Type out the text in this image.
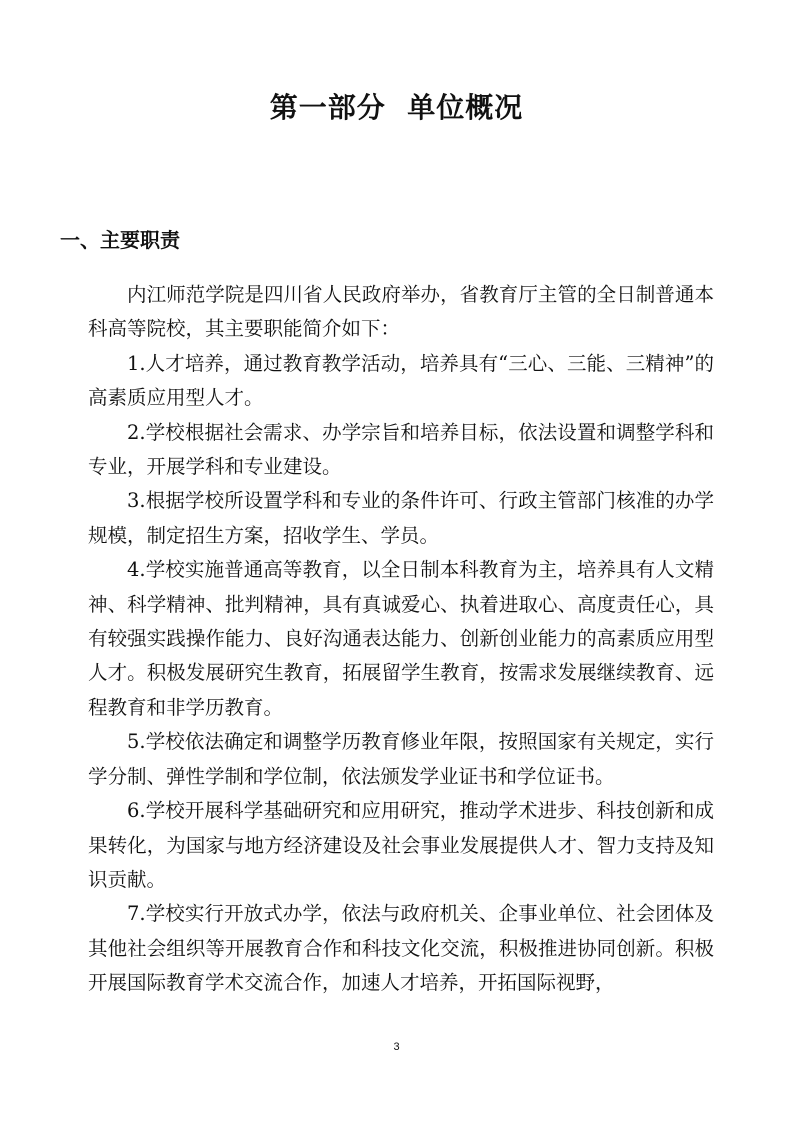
第一部分  单位概况
一、主要职责

内江师范学院是四川省人民政府举办，省教育厅主管的全日制普通本科高等院校，其主要职能简介如下：

1.人才培养，通过教育教学活动，培养具有“三心、三能、三精神”的高素质应用型人才。

2.学校根据社会需求、办学宗旨和培养目标，依法设置和调整学科和专业，开展学科和专业建设。

3.根据学校所设置学科和专业的条件许可、行政主管部门核准的办学规模，制定招生方案，招收学生、学员。

4.学校实施普通高等教育，以全日制本科教育为主，培养具有人文精神、科学精神、批判精神，具有真诚爱心、执着进取心、高度责任心，具有较强实践操作能力、良好沟通表达能力、创新创业能力的高素质应用型人才。积极发展研究生教育，拓展留学生教育，按需求发展继续教育、远程教育和非学历教育。

5.学校依法确定和调整学历教育修业年限，按照国家有关规定，实行学分制、弹性学制和学位制，依法颁发学业证书和学位证书。

6.学校开展科学基础研究和应用研究，推动学术进步、科技创新和成果转化，为国家与地方经济建设及社会事业发展提供人才、智力支持及知识贡献。

7.学校实行开放式办学，依法与政府机关、企事业单位、社会团体及其他社会组织等开展教育合作和科技文化交流，积极推进协同创新。积极开展国际教育学术交流合作，加速人才培养，开拓国际视野，

3
